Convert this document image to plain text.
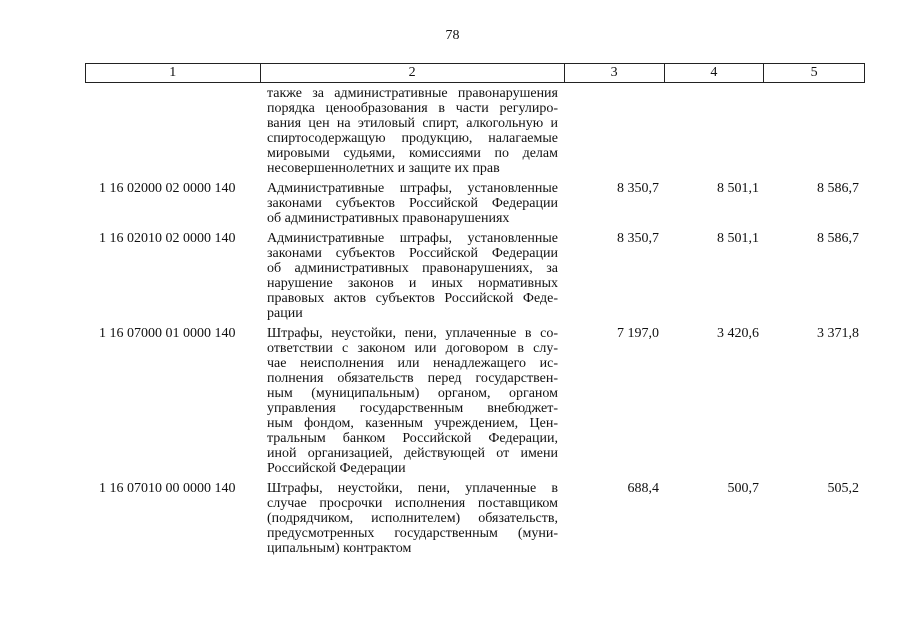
78
1	2	3	4	5
также за административные правонарушения
порядка ценообразования в части регулиро-
вания цен на этиловый спирт, алкогольную и
спиртосодержащую продукцию, налагаемые
мировыми судьями, комиссиями по делам
несовершеннолетних и защите их прав
1 16 02000 02 0000 140	Административные штрафы, установленные
законами субъектов Российской Федерации
об административных правонарушениях
8 350,7	8 501,1	8 586,7
1 16 02010 02 0000 140	Административные штрафы, установленные
законами субъектов Российской Федерации
об административных правонарушениях, за
нарушение законов и иных нормативных
правовых актов субъектов Российской Феде-
рации
8 350,7	8 501,1	8 586,7
1 16 07000 01 0000 140	Штрафы, неустойки, пени, уплаченные в со-
ответствии с законом или договором в слу-
чае неисполнения или ненадлежащего ис-
полнения обязательств перед государствен-
ным (муниципальным) органом, органом
управления государственным внебюджет-
ным фондом, казенным учреждением, Цен-
тральным банком Российской Федерации,
иной организацией, действующей от имени
Российской Федерации
7 197,0	3 420,6	3 371,8
1 16 07010 00 0000 140	Штрафы, неустойки, пени, уплаченные в
случае просрочки исполнения поставщиком
(подрядчиком, исполнителем) обязательств,
предусмотренных государственным (муни-
ципальным) контрактом
688,4	500,7	505,2
